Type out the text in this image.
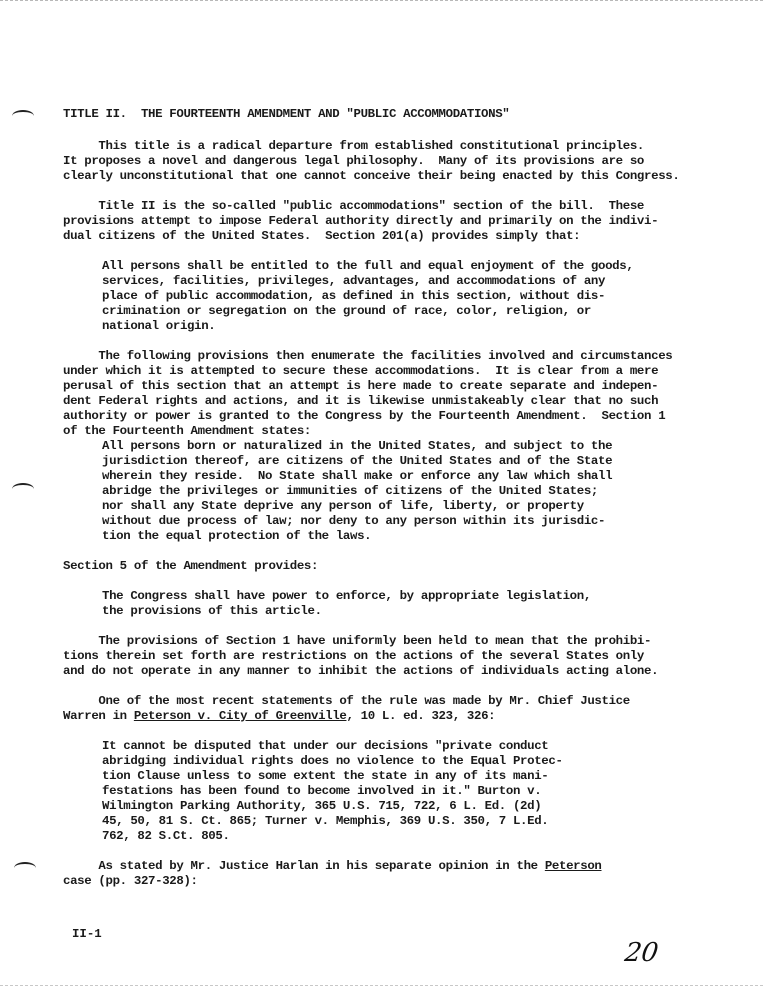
TITLE II.  THE FOURTEENTH AMENDMENT AND "PUBLIC ACCOMMODATIONS"
This title is a radical departure from established constitutional principles.
It proposes a novel and dangerous legal philosophy.  Many of its provisions are so
clearly unconstitutional that one cannot conceive their being enacted by this Congress.
Title II is the so-called "public accommodations" section of the bill.  These
provisions attempt to impose Federal authority directly and primarily on the indivi-
dual citizens of the United States.  Section 201(a) provides simply that:
All persons shall be entitled to the full and equal enjoyment of the goods,
services, facilities, privileges, advantages, and accommodations of any
place of public accommodation, as defined in this section, without dis-
crimination or segregation on the ground of race, color, religion, or
national origin.
The following provisions then enumerate the facilities involved and circumstances
under which it is attempted to secure these accommodations.  It is clear from a mere
perusal of this section that an attempt is here made to create separate and indepen-
dent Federal rights and actions, and it is likewise unmistakeably clear that no such
authority or power is granted to the Congress by the Fourteenth Amendment.  Section 1
of the Fourteenth Amendment states:
All persons born or naturalized in the United States, and subject to the
jurisdiction thereof, are citizens of the United States and of the State
wherein they reside.  No State shall make or enforce any law which shall
abridge the privileges or immunities of citizens of the United States;
nor shall any State deprive any person of life, liberty, or property
without due process of law; nor deny to any person within its jurisdic-
tion the equal protection of the laws.
Section 5 of the Amendment provides:
The Congress shall have power to enforce, by appropriate legislation,
the provisions of this article.
The provisions of Section 1 have uniformly been held to mean that the prohibi-
tions therein set forth are restrictions on the actions of the several States only
and do not operate in any manner to inhibit the actions of individuals acting alone.
One of the most recent statements of the rule was made by Mr. Chief Justice
Warren in Peterson v. City of Greenville, 10 L. ed. 323, 326:
It cannot be disputed that under our decisions "private conduct
abridging individual rights does no violence to the Equal Protec-
tion Clause unless to some extent the state in any of its mani-
festations has been found to become involved in it." Burton v.
Wilmington Parking Authority, 365 U.S. 715, 722, 6 L. Ed. (2d)
45, 50, 81 S. Ct. 865; Turner v. Memphis, 369 U.S. 350, 7 L.Ed.
762, 82 S.Ct. 805.
As stated by Mr. Justice Harlan in his separate opinion in the Peterson
case (pp. 327-328):
II-1
20
